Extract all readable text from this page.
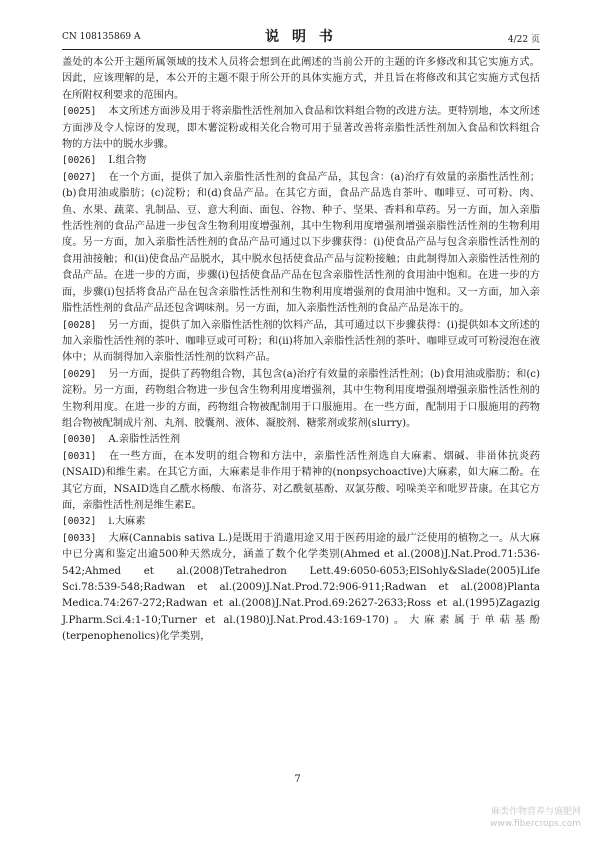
CN 108135869 A	说 明 书	4/22 页

盖处的本公开主题所属领域的技术人员将会想到在此阐述的当前公开的主题的许多修改和其它实施方式。因此，应该理解的是，本公开的主题不限于所公开的具体实施方式，并且旨在将修改和其它实施方式包括在所附权利要求的范围内。

[0025] 本文所述方面涉及用于将亲脂性活性剂加入食品和饮料组合物的改进方法。更特别地，本文所述方面涉及令人惊讶的发现，即木薯淀粉或相关化合物可用于显著改善将亲脂性活性剂加入食品和饮料组合物的方法中的脱水步骤。

[0026] I.组合物

[0027] 在一个方面，提供了加入亲脂性活性剂的食品产品，其包含：(a)治疗有效量的亲脂性活性剂；(b)食用油或脂肪；(c)淀粉；和(d)食品产品。在其它方面，食品产品选自茶叶、咖啡豆、可可粉、肉、鱼、水果、蔬菜、乳制品、豆、意大利面、面包、谷物、种子、坚果、香料和草药。另一方面，加入亲脂性活性剂的食品产品进一步包含生物利用度增强剂，其中生物利用度增强剂增强亲脂性活性剂的生物利用度。另一方面，加入亲脂性活性剂的食品产品可通过以下步骤获得：(i)使食品产品与包含亲脂性活性剂的食用油接触；和(ii)使食品产品脱水，其中脱水包括使食品产品与淀粉接触；由此制得加入亲脂性活性剂的食品产品。在进一步的方面，步骤(i)包括使食品产品在包含亲脂性活性剂的食用油中饱和。在进一步的方面，步骤(i)包括将食品产品在包含亲脂性活性剂和生物利用度增强剂的食用油中饱和。又一方面，加入亲脂性活性剂的食品产品还包含调味剂。另一方面，加入亲脂性活性剂的食品产品是冻干的。

[0028] 另一方面，提供了加入亲脂性活性剂的饮料产品，其可通过以下步骤获得：(i)提供如本文所述的加入亲脂性活性剂的茶叶、咖啡豆或可可粉；和(ii)将加入亲脂性活性剂的茶叶、咖啡豆或可可粉浸泡在液体中；从而制得加入亲脂性活性剂的饮料产品。

[0029] 另一方面，提供了药物组合物，其包含(a)治疗有效量的亲脂性活性剂；(b)食用油或脂肪；和(c)淀粉。另一方面，药物组合物进一步包含生物利用度增强剂，其中生物利用度增强剂增强亲脂性活性剂的生物利用度。在进一步的方面，药物组合物被配制用于口服施用。在一些方面，配制用于口服施用的药物组合物被配制成片剂、丸剂、胶囊剂、液体、凝胶剂、糖浆剂或浆剂(slurry)。

[0030] A.亲脂性活性剂

[0031] 在一些方面，在本发明的组合物和方法中，亲脂性活性剂选自大麻素、烟碱、非甾体抗炎药(NSAID)和维生素。在其它方面，大麻素是非作用于精神的(nonpsychoactive)大麻素，如大麻二酚。在其它方面，NSAID选自乙酰水杨酸、布洛芬、对乙酰氨基酚、双氯芬酸、吲哚美辛和吡罗昔康。在其它方面，亲脂性活性剂是维生素E。

[0032] i.大麻素

[0033] 大麻(Cannabis sativa L.)是既用于消遣用途又用于医药用途的最广泛使用的植物之一。从大麻中已分离和鉴定出逾500种天然成分，涵盖了数个化学类别(Ahmed et al.(2008)J.Nat.Prod.71:536-542;Ahmed et al.(2008)Tetrahedron Lett.49:6050-6053;ElSohly&Slade(2005)Life Sci.78:539-548;Radwan et al.(2009)J.Nat.Prod.72:906-911;Radwan et al.(2008)Planta Medica.74:267-272;Radwan et al.(2008)J.Nat.Prod.69:2627-2633;Ross et al.(1995)Zagazig J.Pharm.Sci.4:1-10;Turner et al.(1980)J.Nat.Prod.43:169-170)。大麻素属于单萜基酚(terpenophenolics)化学类别，

7
麻类作物营养与施肥网
www.fibercrops.com
